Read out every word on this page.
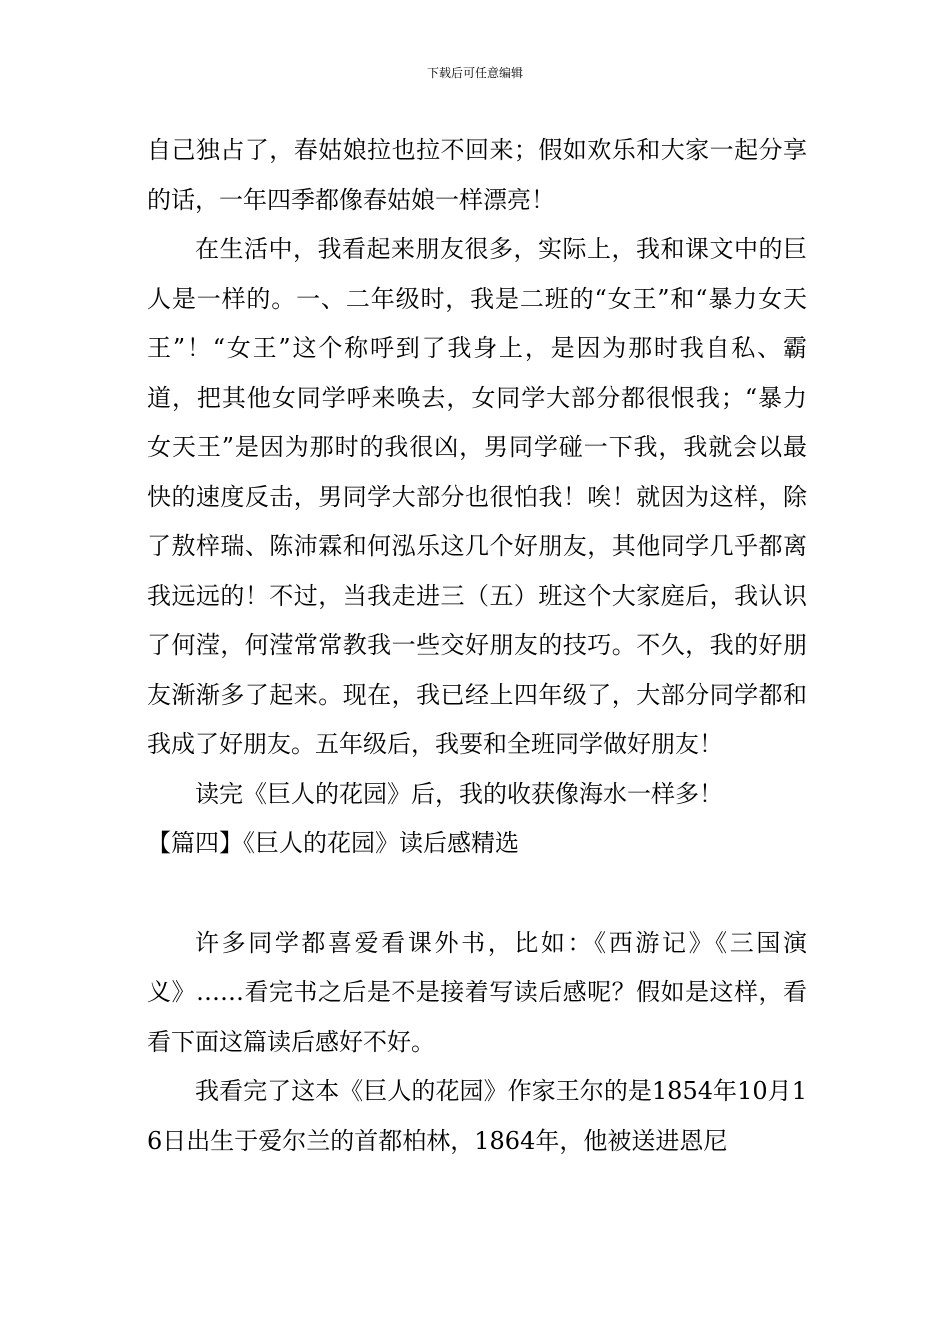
下载后可任意编辑

自己独占了，春姑娘拉也拉不回来；假如欢乐和大家一起分享的话，一年四季都像春姑娘一样漂亮！

在生活中，我看起来朋友很多，实际上，我和课文中的巨人是一样的。一、二年级时，我是二班的“女王”和“暴力女天王”！“女王”这个称呼到了我身上，是因为那时我自私、霸道，把其他女同学呼来唤去，女同学大部分都很恨我；“暴力女天王”是因为那时的我很凶，男同学碰一下我，我就会以最快的速度反击，男同学大部分也很怕我！唉！就因为这样，除了敖梓瑞、陈沛霖和何泓乐这几个好朋友，其他同学几乎都离我远远的！不过，当我走进三（五）班这个大家庭后，我认识了何滢，何滢常常教我一些交好朋友的技巧。不久，我的好朋友渐渐多了起来。现在，我已经上四年级了，大部分同学都和我成了好朋友。五年级后，我要和全班同学做好朋友！

读完《巨人的花园》后，我的收获像海水一样多！

【篇四】《巨人的花园》读后感精选

许多同学都喜爱看课外书，比如：《西游记》《三国演义》……看完书之后是不是接着写读后感呢？假如是这样，看看下面这篇读后感好不好。

我看完了这本《巨人的花园》作家王尔的是1854年10月16日出生于爱尔兰的首都柏林，1864年，他被送进恩尼
